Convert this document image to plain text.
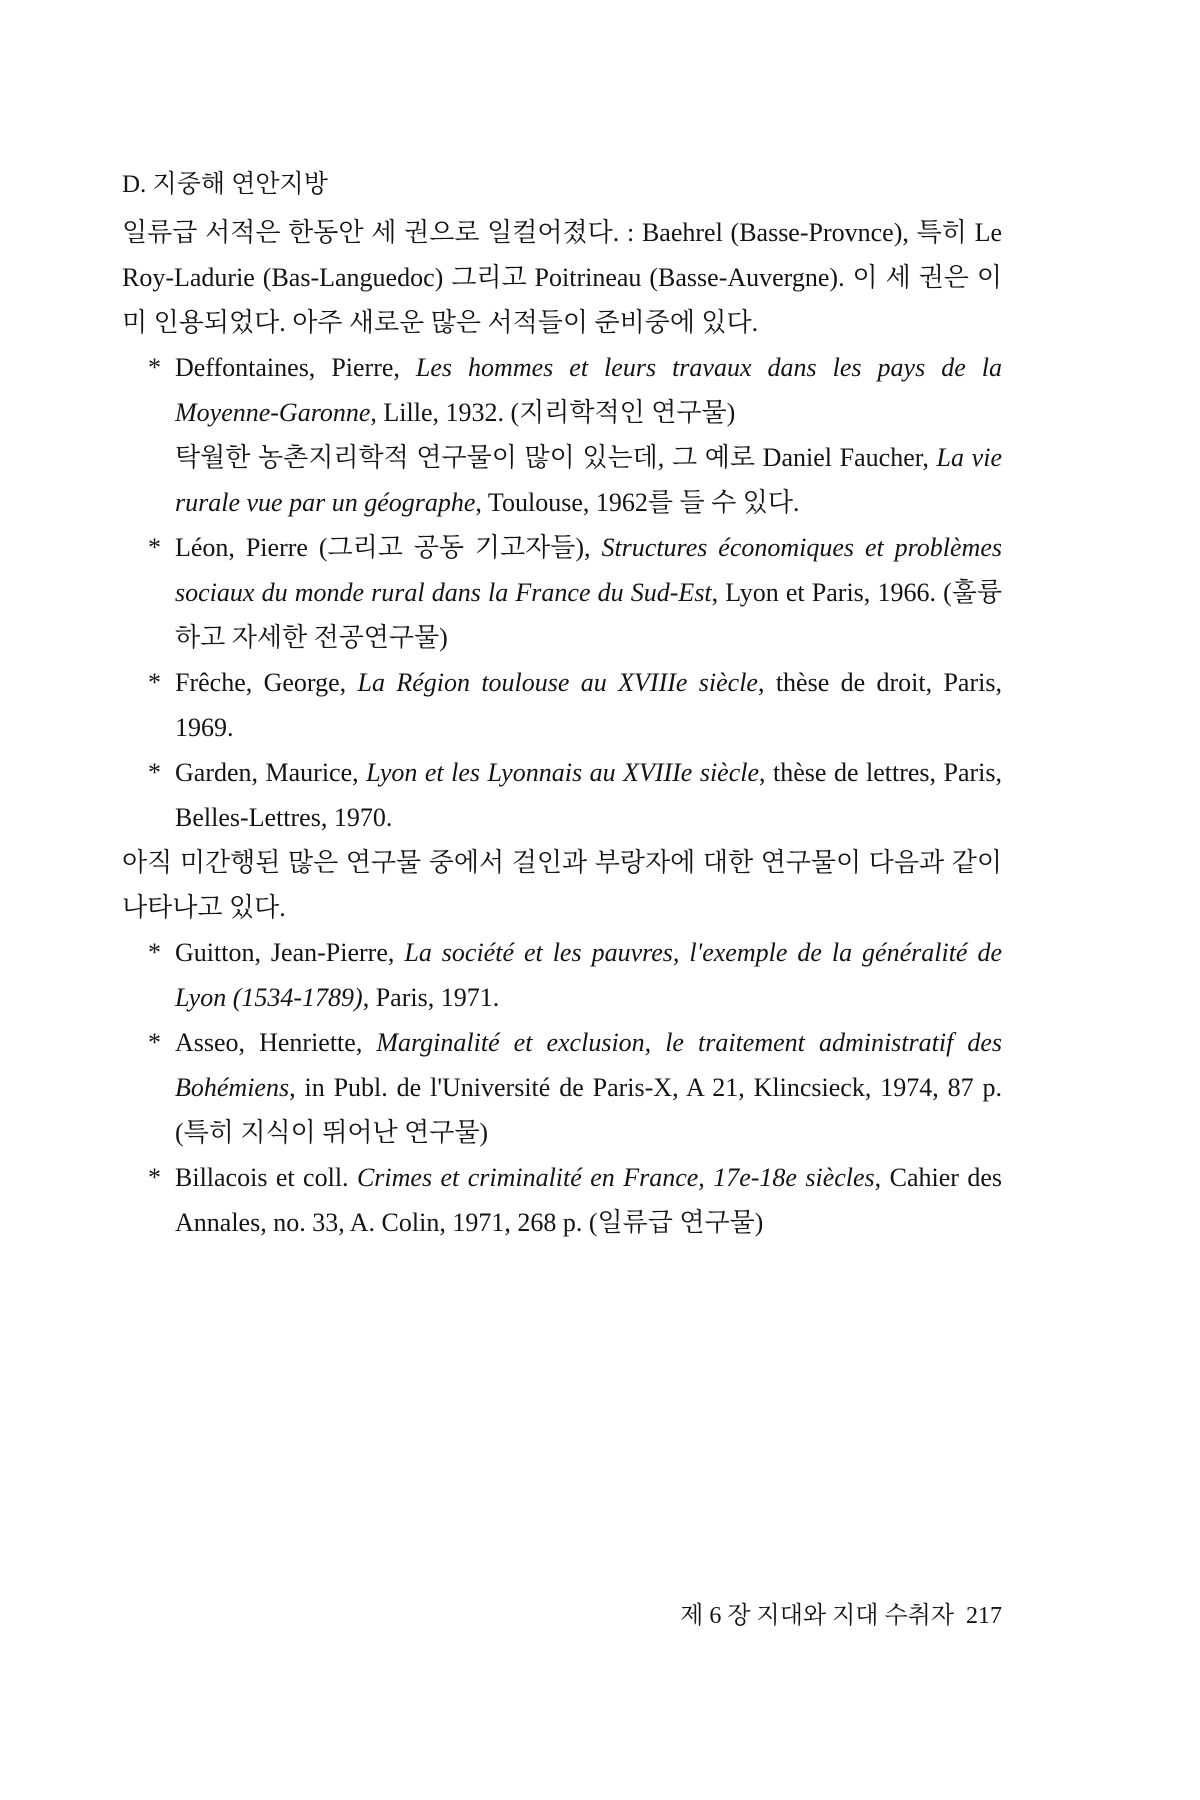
D. 지중해 연안지방

일류급 서적은 한동안 세 권으로 일컬어졌다. : Baehrel (Basse-Provnce), 특히 Le Roy-Ladurie (Bas-Languedoc) 그리고 Poitrineau (Basse-Auvergne). 이 세 권은 이미 인용되었다. 아주 새로운 많은 서적들이 준비중에 있다.

* Deffontaines, Pierre, Les hommes et leurs travaux dans les pays de la Moyenne-Garonne, Lille, 1932. (지리학적인 연구물)
탁월한 농촌지리학적 연구물이 많이 있는데, 그 예로 Daniel Faucher, La vie rurale vue par un géographe, Toulouse, 1962를 들 수 있다.
* Léon, Pierre (그리고 공동 기고자들), Structures économiques et problèmes sociaux du monde rural dans la France du Sud-Est, Lyon et Paris, 1966. (훌륭하고 자세한 전공연구물)
* Frêche, George, La Région toulouse au XVIIIe siècle, thèse de droit, Paris, 1969.
* Garden, Maurice, Lyon et les Lyonnais au XVIIIe siècle, thèse de lettres, Paris, Belles-Lettres, 1970.

아직 미간행된 많은 연구물 중에서 걸인과 부랑자에 대한 연구물이 다음과 같이 나타나고 있다.

* Guitton, Jean-Pierre, La société et les pauvres, l'exemple de la généralité de Lyon (1534-1789), Paris, 1971.
* Asseo, Henriette, Marginalité et exclusion, le traitement administratif des Bohémiens, in Publ. de l'Université de Paris-X, A 21, Klincsieck, 1974, 87 p. (특히 지식이 뛰어난 연구물)
* Billacois et coll. Crimes et criminalité en France, 17e-18e siècles, Cahier des Annales, no. 33, A. Colin, 1971, 268 p. (일류급 연구물)
제 6 장 지대와 지대 수취자 217
